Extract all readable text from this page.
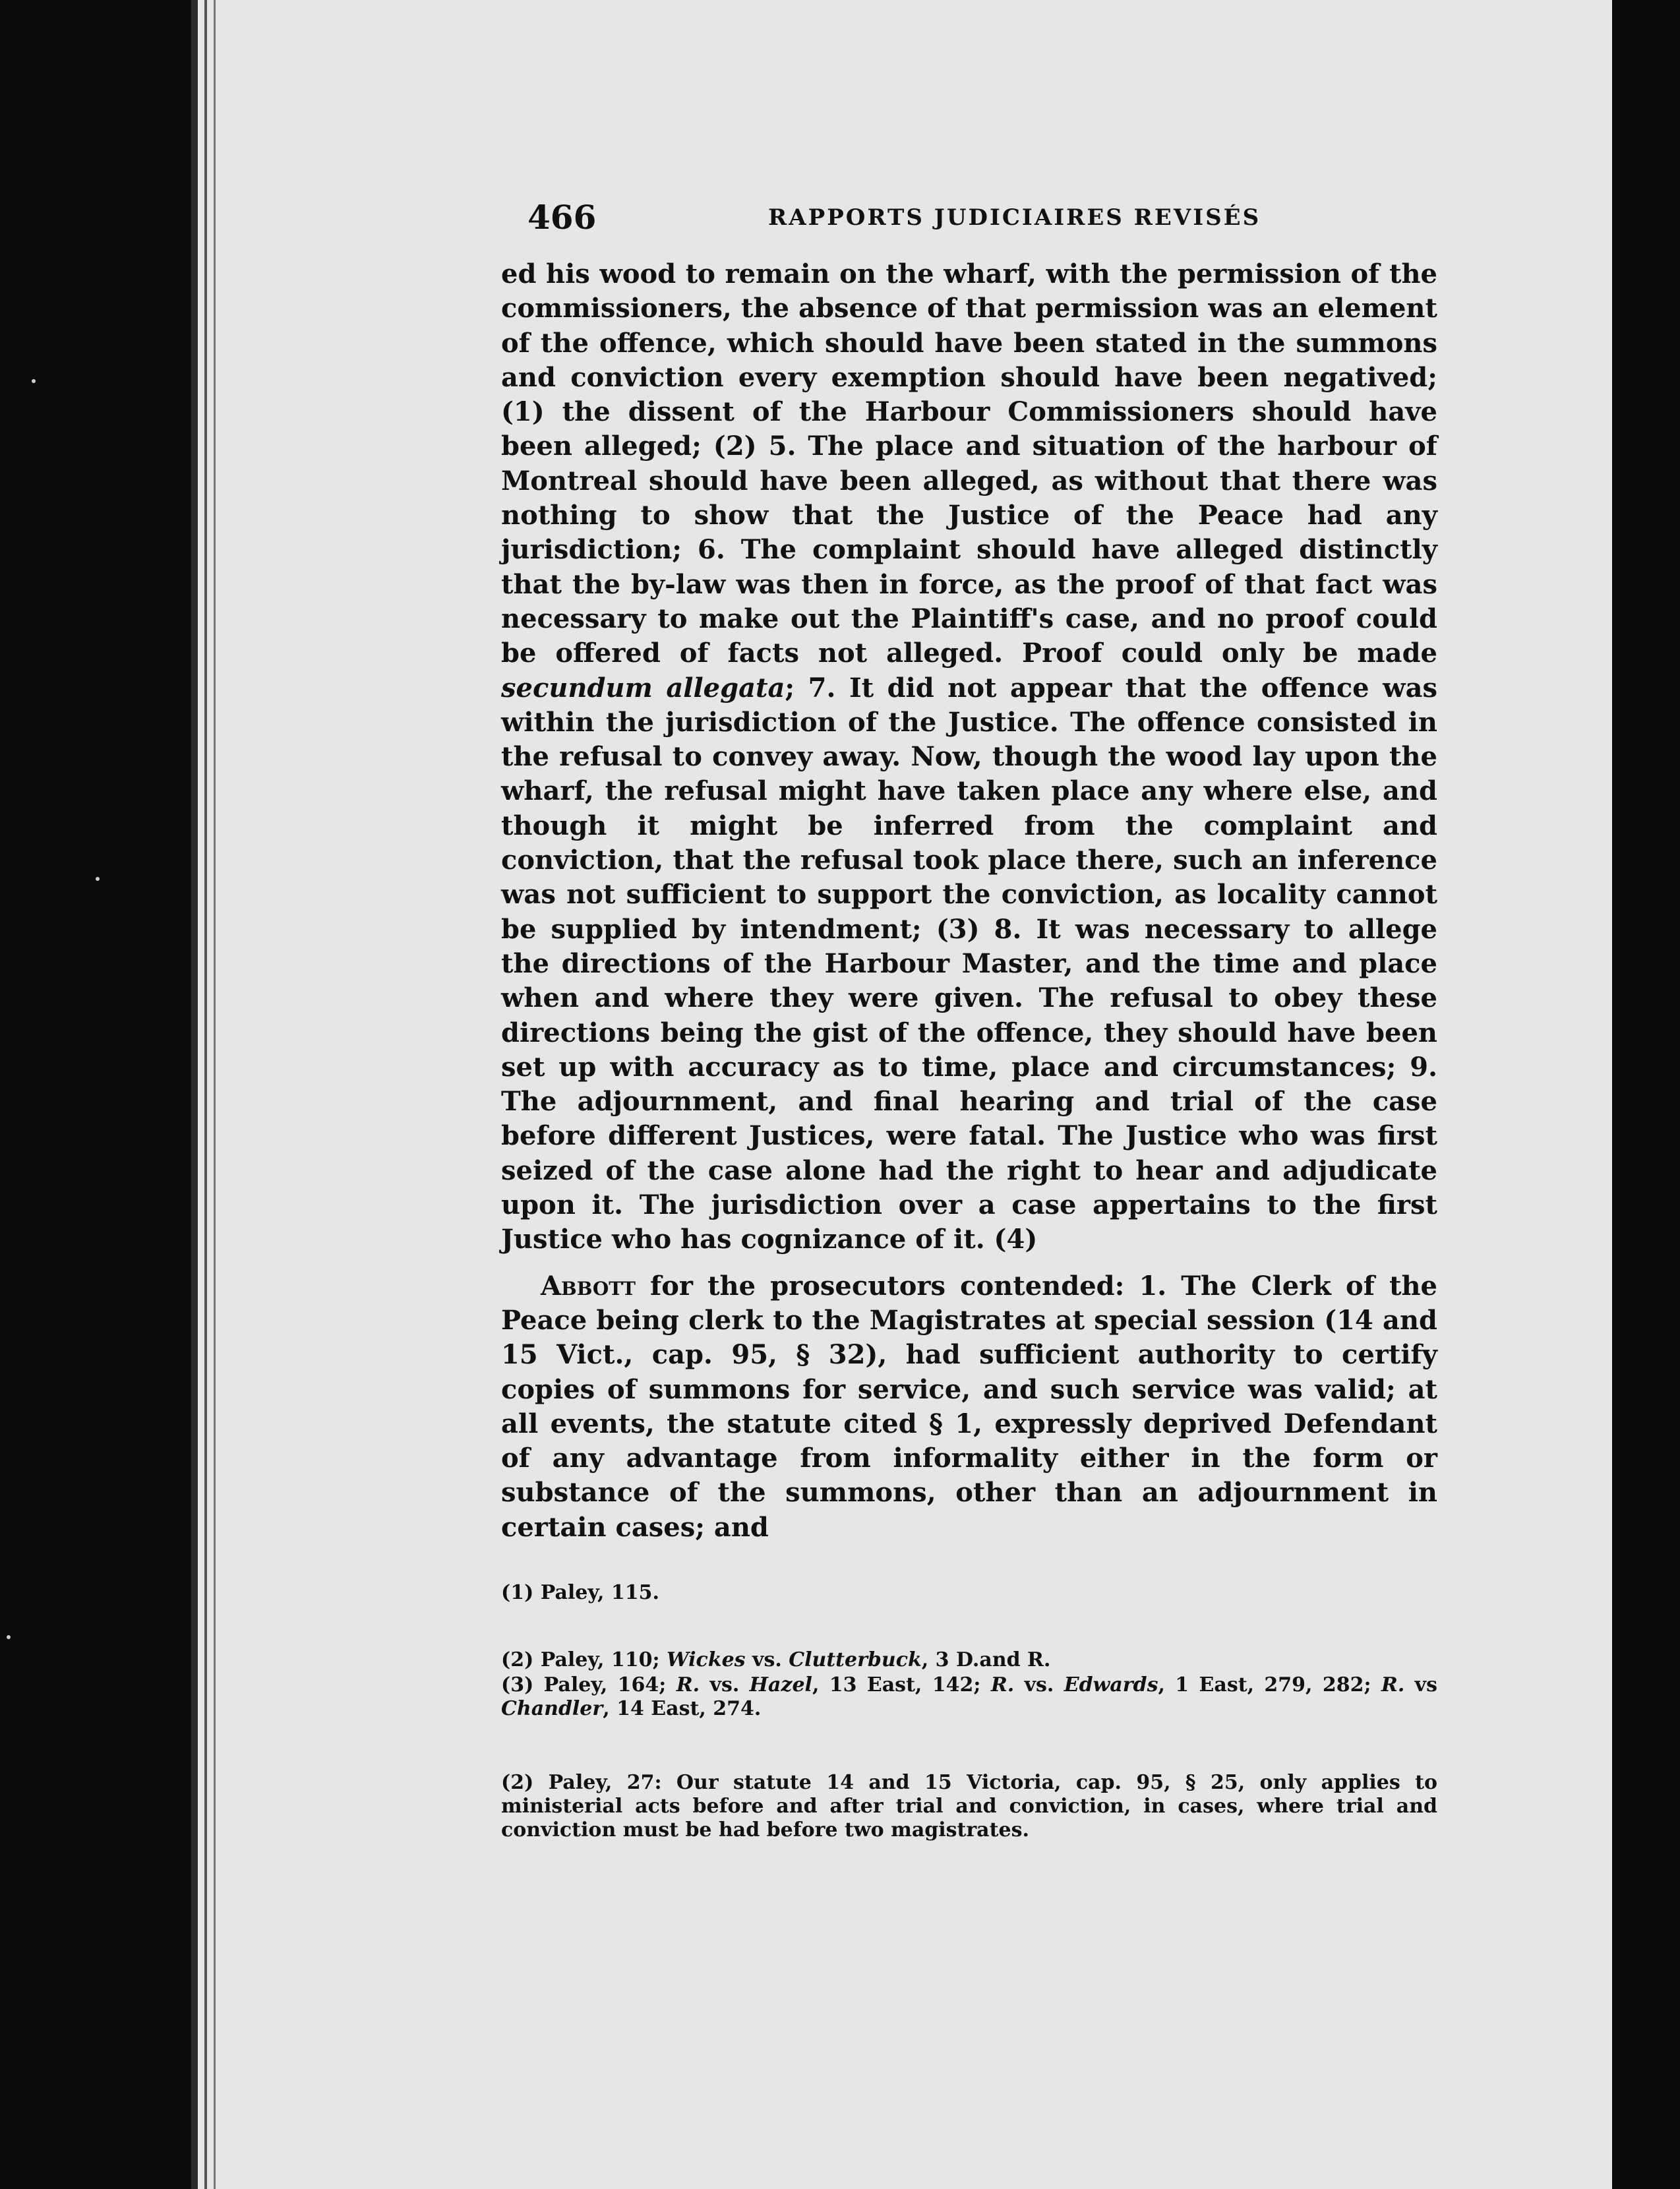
466	RAPPORTS JUDICIAIRES REVISÉS

ed his wood to remain on the wharf, with the permission of the commissioners, the absence of that permission was an element of the offence, which should have been stated in the summons and conviction every exemption should have been negatived; (1) the dissent of the Harbour Commissioners should have been alleged; (2) 5. The place and situation of the harbour of Montreal should have been alleged, as without that there was nothing to show that the Justice of the Peace had any jurisdiction; 6. The complaint should have alleged distinctly that the by-law was then in force, as the proof of that fact was necessary to make out the Plaintiff's case, and no proof could be offered of facts not alleged. Proof could only be made secundum allegata; 7. It did not appear that the offence was within the jurisdiction of the Justice. The offence consisted in the refusal to convey away. Now, though the wood lay upon the wharf, the refusal might have taken place any where else, and though it might be inferred from the complaint and conviction, that the refusal took place there, such an inference was not sufficient to support the conviction, as locality cannot be supplied by intendment; (3) 8. It was necessary to allege the directions of the Harbour Master, and the time and place when and where they were given. The refusal to obey these directions being the gist of the offence, they should have been set up with accuracy as to time, place and circumstances; 9. The adjournment, and final hearing and trial of the case before different Justices, were fatal. The Justice who was first seized of the case alone had the right to hear and adjudicate upon it. The jurisdiction over a case appertains to the first Justice who has cognizance of it. (4)

Abbott for the prosecutors contended: 1. The Clerk of the Peace being clerk to the Magistrates at special session (14 and 15 Vict., cap. 95, § 32), had sufficient authority to certify copies of summons for service, and such service was valid; at all events, the statute cited § 1, expressly deprived Defendant of any advantage from informality either in the form or substance of the summons, other than an adjournment in certain cases; and

(1) Paley, 115.
(2) Paley, 110; Wickes vs. Clutterbuck, 3 D.and R.
(3) Paley, 164; R. vs. Hazel, 13 East, 142; R. vs. Edwards, 1 East, 279, 282; R. vs Chandler, 14 East, 274.
(2) Paley, 27: Our statute 14 and 15 Victoria, cap. 95, § 25, only applies to ministerial acts before and after trial and conviction, in cases, where trial and conviction must be had before two magistrates.
